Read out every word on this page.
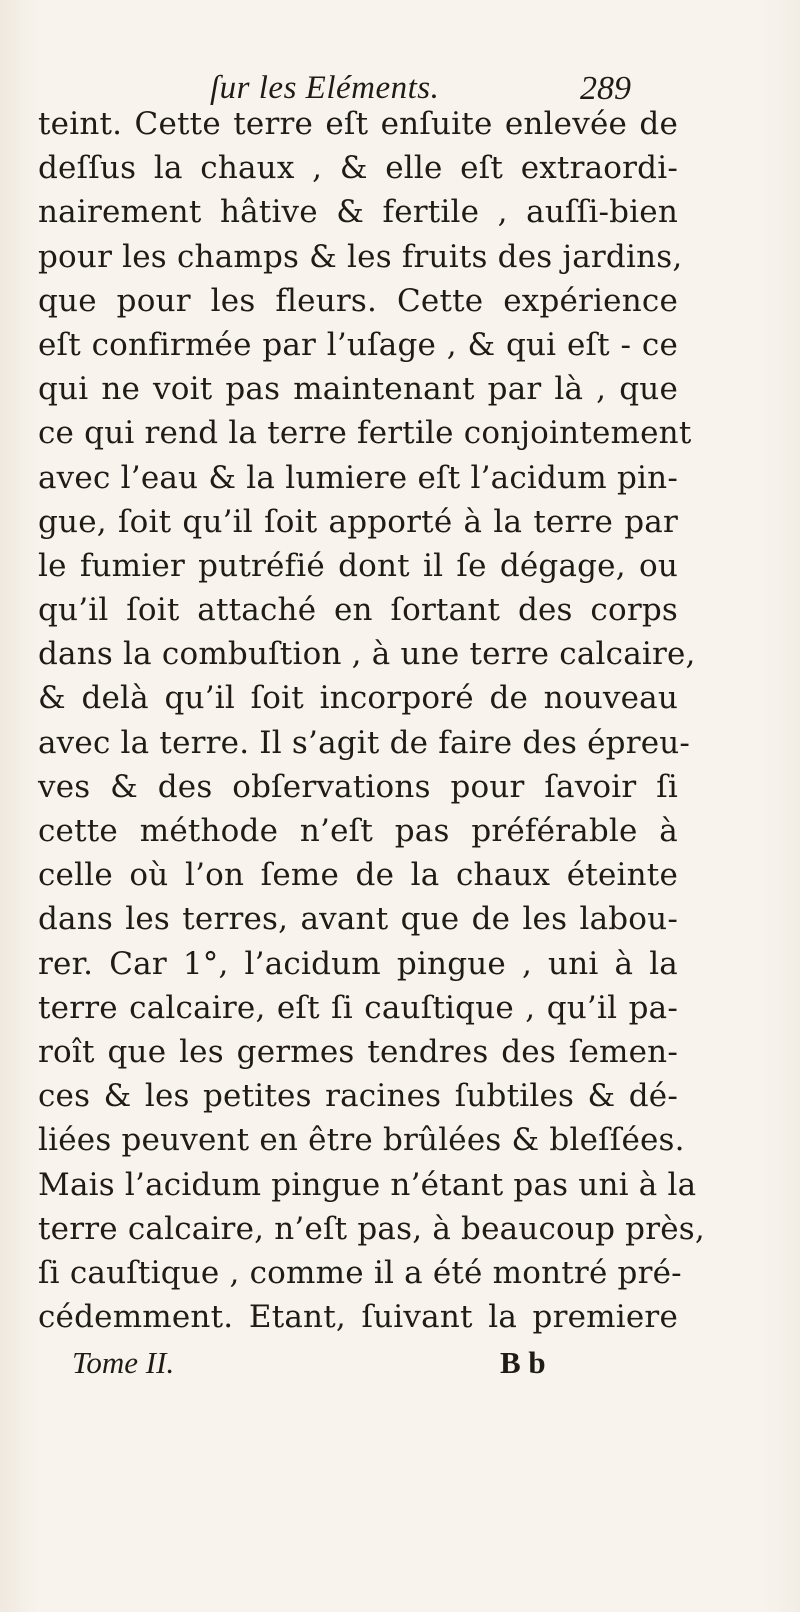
ſur les Eléments.	289
teint. Cette terre eſt enſuite enlevée de
deſſus la chaux , & elle eſt extraordi-
nairement hâtive & fertile , auſſi-bien
pour les champs & les fruits des jardins,
que pour les fleurs. Cette expérience
eſt confirmée par l’uſage , & qui eſt - ce
qui ne voit pas maintenant par là , que
ce qui rend la terre fertile conjointement
avec l’eau & la lumiere eſt l’acidum pin-
gue, ſoit qu’il ſoit apporté à la terre par
le fumier putréfié dont il ſe dégage, ou
qu’il ſoit attaché en ſortant des corps
dans la combuſtion , à une terre calcaire,
& delà qu’il ſoit incorporé de nouveau
avec la terre. Il s’agit de faire des épreu-
ves & des obſervations pour ſavoir ſi
cette méthode n’eſt pas préférable à
celle où l’on ſeme de la chaux éteinte
dans les terres, avant que de les labou-
rer. Car 1°, l’acidum pingue , uni à la
terre calcaire, eſt ſi cauſtique , qu’il pa-
roît que les germes tendres des ſemen-
ces & les petites racines ſubtiles & dé-
liées peuvent en être brûlées & bleſſées.
Mais l’acidum pingue n’étant pas uni à la
terre calcaire, n’eſt pas, à beaucoup près,
ſi cauſtique , comme il a été montré pré-
cédemment. Etant, ſuivant la premiere
Tome II.	B b
